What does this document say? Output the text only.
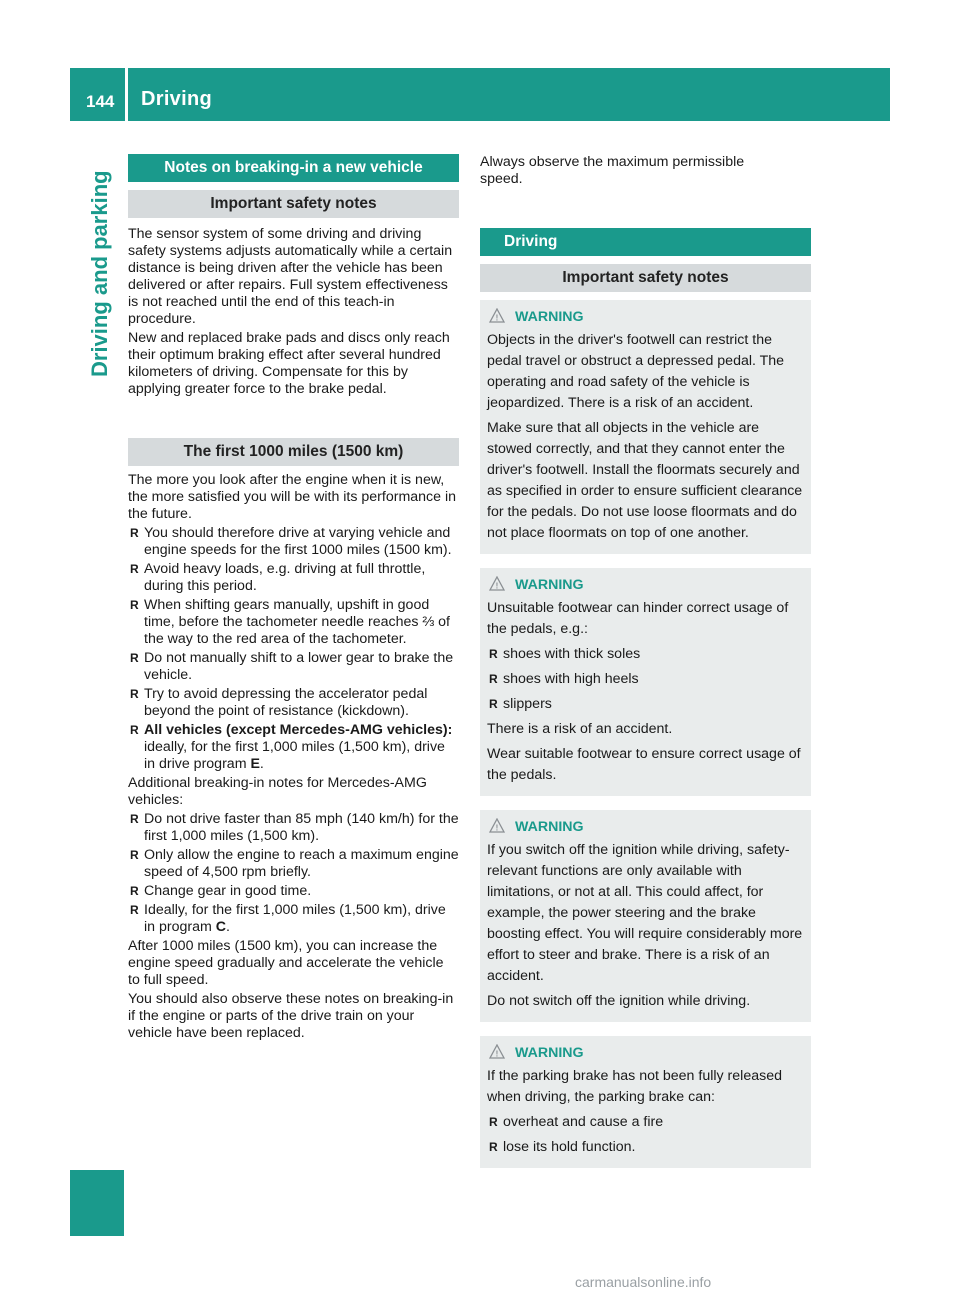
144 Driving
Driving and parking
Notes on breaking-in a new vehicle
Important safety notes

The sensor system of some driving and driving safety systems adjusts automatically while a certain distance is being driven after the vehicle has been delivered or after repairs. Full system effectiveness is not reached until the end of this teach-in procedure.

New and replaced brake pads and discs only reach their optimum braking effect after several hundred kilometers of driving. Compensate for this by applying greater force to the brake pedal.

The first 1000 miles (1500 km)

The more you look after the engine when it is new, the more satisfied you will be with its performance in the future.

R You should therefore drive at varying vehicle and engine speeds for the first 1000 miles (1500 km).
R Avoid heavy loads, e.g. driving at full throttle, during this period.
R When shifting gears manually, upshift in good time, before the tachometer needle reaches ⅔ of the way to the red area of the tachometer.
R Do not manually shift to a lower gear to brake the vehicle.
R Try to avoid depressing the accelerator pedal beyond the point of resistance (kickdown).
R All vehicles (except Mercedes-AMG vehicles): ideally, for the first 1,000 miles (1,500 km), drive in drive program E.

Additional breaking-in notes for Mercedes-AMG vehicles:

R Do not drive faster than 85 mph (140 km/h) for the first 1,000 miles (1,500 km).
R Only allow the engine to reach a maximum engine speed of 4,500 rpm briefly.
R Change gear in good time.
R Ideally, for the first 1,000 miles (1,500 km), drive in program C.

After 1000 miles (1500 km), you can increase the engine speed gradually and accelerate the vehicle to full speed.

You should also observe these notes on breaking-in if the engine or parts of the drive train on your vehicle have been replaced.

Always observe the maximum permissible speed.

Driving
Important safety notes
! WARNING

Objects in the driver's footwell can restrict the pedal travel or obstruct a depressed pedal. The operating and road safety of the vehicle is jeopardized. There is a risk of an accident.

Make sure that all objects in the vehicle are stowed correctly, and that they cannot enter the driver's footwell. Install the floormats securely and as specified in order to ensure sufficient clearance for the pedals. Do not use loose floormats and do not place floormats on top of one another.

! WARNING

Unsuitable footwear can hinder correct usage of the pedals, e.g.:

R shoes with thick soles
R shoes with high heels
R slippers

There is a risk of an accident.

Wear suitable footwear to ensure correct usage of the pedals.

! WARNING

If you switch off the ignition while driving, safety-relevant functions are only available with limitations, or not at all. This could affect, for example, the power steering and the brake boosting effect. You will require considerably more effort to steer and brake. There is a risk of an accident.

Do not switch off the ignition while driving.

! WARNING

If the parking brake has not been fully released when driving, the parking brake can:

R overheat and cause a fire
R lose its hold function.
carmanualsonline.info
